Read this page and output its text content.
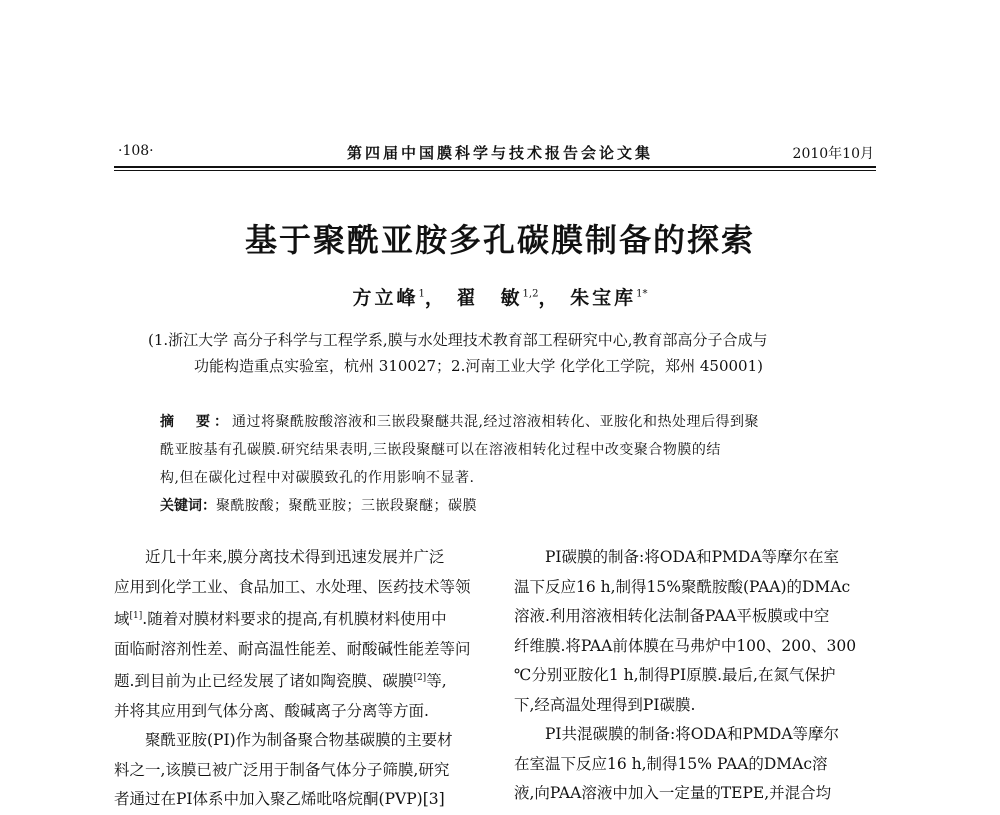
·108·	第四届中国膜科学与技术报告会论文集	2010年10月
基于聚酰亚胺多孔碳膜制备的探索
方立峰$^1$， 翟　敏$^{1,2}$， 朱宝库$^{1*}$
(1.浙江大学 高分子科学与工程学系,膜与水处理技术教育部工程研究中心,教育部高分子合成与
功能构造重点实验室，杭州 310027；2.河南工业大学 化学化工学院，郑州 450001)
摘　要：通过将聚酰胺酸溶液和三嵌段聚醚共混,经过溶液相转化、亚胺化和热处理后得到聚
酰亚胺基有孔碳膜.研究结果表明,三嵌段聚醚可以在溶液相转化过程中改变聚合物膜的结
构,但在碳化过程中对碳膜致孔的作用影响不显著.
关键词：聚酰胺酸；聚酰亚胺；三嵌段聚醚；碳膜
近几十年来,膜分离技术得到迅速发展并广泛
应用到化学工业、食品加工、水处理、医药技术等领
域[1].随着对膜材料要求的提高,有机膜材料使用中
面临耐溶剂性差、耐高温性能差、耐酸碱性能差等问
题.到目前为止已经发展了诸如陶瓷膜、碳膜[2]等,
并将其应用到气体分离、酸碱离子分离等方面.
聚酰亚胺(PI)作为制备聚合物基碳膜的主要材
料之一,该膜已被广泛用于制备气体分子筛膜,研究
者通过在PI体系中加入聚乙烯吡咯烷酮(PVP)[3]
PI碳膜的制备:将ODA和PMDA等摩尔在室
温下反应16 h,制得15%聚酰胺酸(PAA)的DMAc
溶液.利用溶液相转化法制备PAA平板膜或中空
纤维膜.将PAA前体膜在马弗炉中100、200、300
℃分别亚胺化1 h,制得PI原膜.最后,在氮气保护
下,经高温处理得到PI碳膜.
PI共混碳膜的制备:将ODA和PMDA等摩尔
在室温下反应16 h,制得15% PAA的DMAc溶
液,向PAA溶液中加入一定量的TEPE,并混合均
